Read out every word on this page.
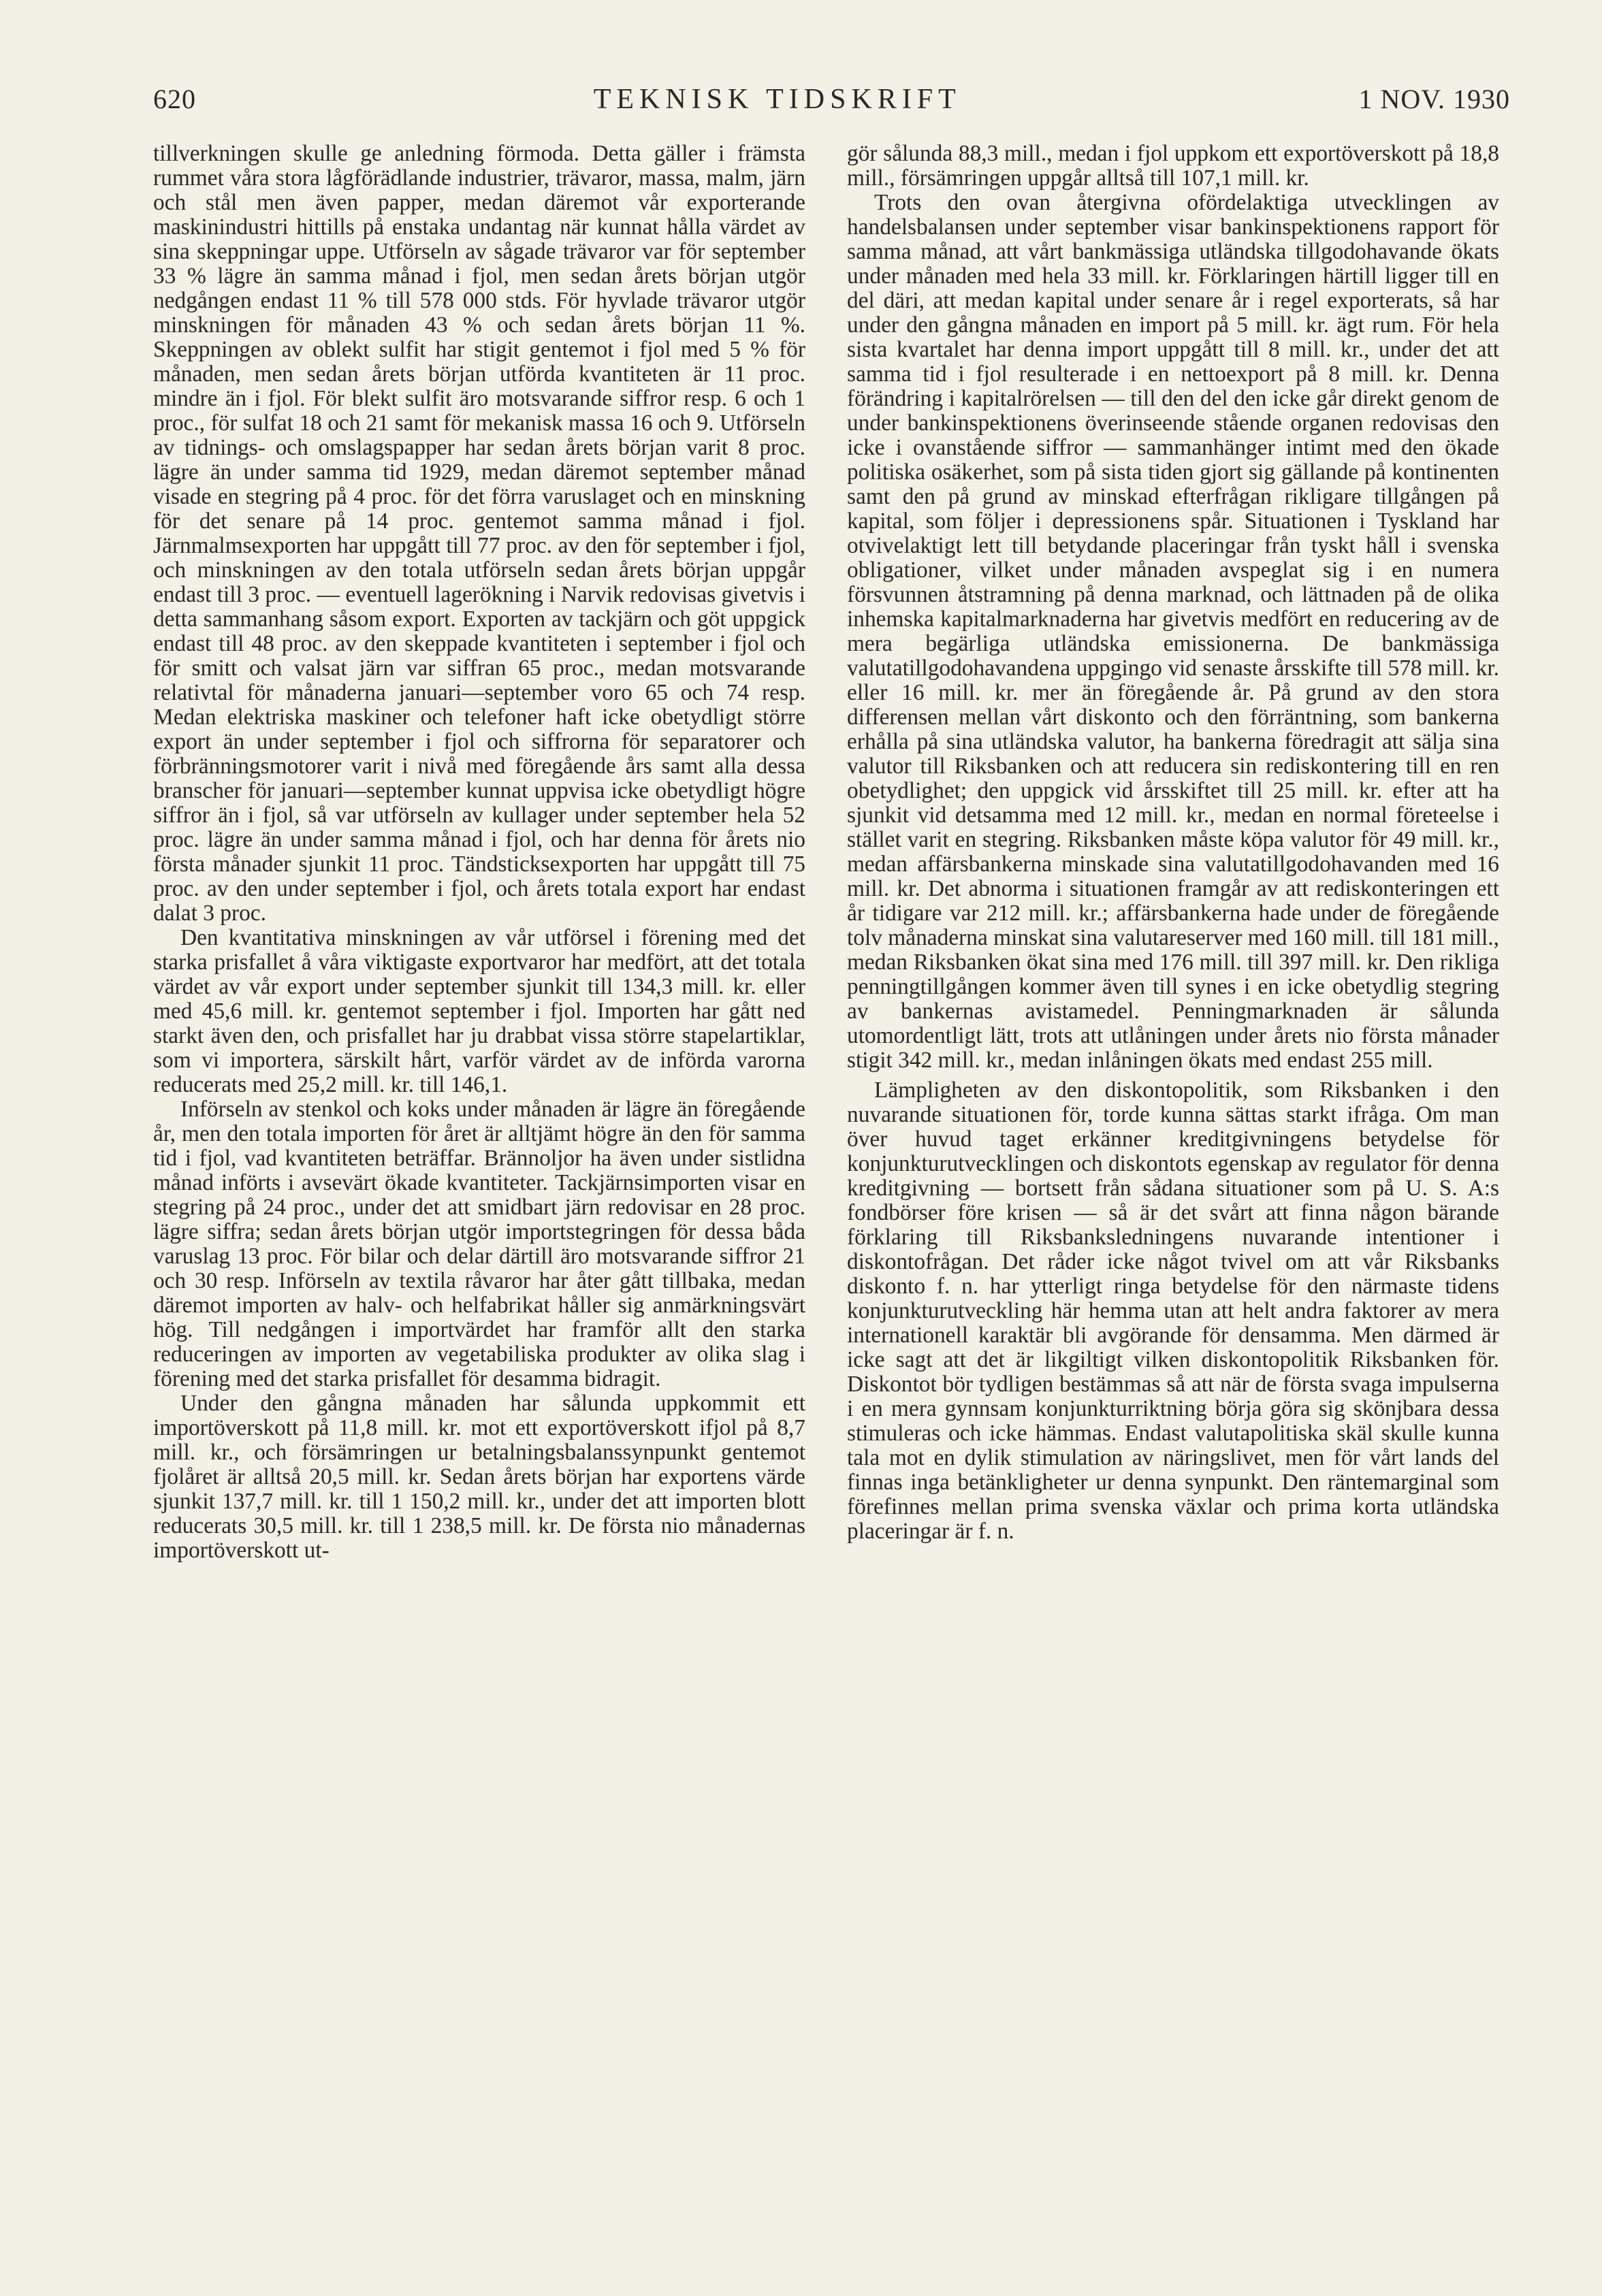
620	TEKNISK TIDSKRIFT	1 NOV. 1930

tillverkningen skulle ge anledning förmoda. Detta gäller i främsta rummet våra stora lågförädlande industrier, trävaror, massa, malm, järn och stål men även papper, medan däremot vår exporterande maskinindustri hittills på enstaka undantag när kunnat hålla värdet av sina skeppningar uppe. Utförseln av sågade trävaror var för september 33 % lägre än samma månad i fjol, men sedan årets början utgör nedgången endast 11 % till 578 000 stds. För hyvlade trävaror utgör minskningen för månaden 43 % och sedan årets början 11 %. Skeppningen av oblekt sulfit har stigit gentemot i fjol med 5 % för månaden, men sedan årets början utförda kvantiteten är 11 proc. mindre än i fjol. För blekt sulfit äro motsvarande siffror resp. 6 och 1 proc., för sulfat 18 och 21 samt för mekanisk massa 16 och 9. Utförseln av tidnings- och omslagspapper har sedan årets början varit 8 proc. lägre än under samma tid 1929, medan däremot september månad visade en stegring på 4 proc. för det förra varuslaget och en minskning för det senare på 14 proc. gentemot samma månad i fjol. Järnmalmsexporten har uppgått till 77 proc. av den för september i fjol, och minskningen av den totala utförseln sedan årets början uppgår endast till 3 proc. — eventuell lagerökning i Narvik redovisas givetvis i detta sammanhang såsom export. Exporten av tackjärn och göt uppgick endast till 48 proc. av den skeppade kvantiteten i september i fjol och för smitt och valsat järn var siffran 65 proc., medan motsvarande relativtal för månaderna januari—september voro 65 och 74 resp. Medan elektriska maskiner och telefoner haft icke obetydligt större export än under september i fjol och siffrorna för separatorer och förbränningsmotorer varit i nivå med föregående års samt alla dessa branscher för januari—september kunnat uppvisa icke obetydligt högre siffror än i fjol, så var utförseln av kullager under september hela 52 proc. lägre än under samma månad i fjol, och har denna för årets nio första månader sjunkit 11 proc. Tändsticksexporten har uppgått till 75 proc. av den under september i fjol, och årets totala export har endast dalat 3 proc.

Den kvantitativa minskningen av vår utförsel i förening med det starka prisfallet å våra viktigaste exportvaror har medfört, att det totala värdet av vår export under september sjunkit till 134,3 mill. kr. eller med 45,6 mill. kr. gentemot september i fjol. Importen har gått ned starkt även den, och prisfallet har ju drabbat vissa större stapelartiklar, som vi importera, särskilt hårt, varför värdet av de införda varorna reducerats med 25,2 mill. kr. till 146,1.

Införseln av stenkol och koks under månaden är lägre än föregående år, men den totala importen för året är alltjämt högre än den för samma tid i fjol, vad kvantiteten beträffar. Brännoljor ha även under sistlidna månad införts i avsevärt ökade kvantiteter. Tackjärnsimporten visar en stegring på 24 proc., under det att smidbart järn redovisar en 28 proc. lägre siffra; sedan årets början utgör importstegringen för dessa båda varuslag 13 proc. För bilar och delar därtill äro motsvarande siffror 21 och 30 resp. Införseln av textila råvaror har åter gått tillbaka, medan däremot importen av halv- och helfabrikat håller sig anmärkningsvärt hög. Till nedgången i importvärdet har framför allt den starka reduceringen av importen av vegetabiliska produkter av olika slag i förening med det starka prisfallet för desamma bidragit.

Under den gångna månaden har sålunda uppkommit ett importöverskott på 11,8 mill. kr. mot ett exportöverskott ifjol på 8,7 mill. kr., och försämringen ur betalningsbalanssynpunkt gentemot fjolåret är alltså 20,5 mill. kr. Sedan årets början har exportens värde sjunkit 137,7 mill. kr. till 1 150,2 mill. kr., under det att importen blott reducerats 30,5 mill. kr. till 1 238,5 mill. kr. De första nio månadernas importöverskott ut-

gör sålunda 88,3 mill., medan i fjol uppkom ett exportöverskott på 18,8 mill., försämringen uppgår alltså till 107,1 mill. kr.

Trots den ovan återgivna ofördelaktiga utvecklingen av handelsbalansen under september visar bankinspektionens rapport för samma månad, att vårt bankmässiga utländska tillgodohavande ökats under månaden med hela 33 mill. kr. Förklaringen härtill ligger till en del däri, att medan kapital under senare år i regel exporterats, så har under den gångna månaden en import på 5 mill. kr. ägt rum. För hela sista kvartalet har denna import uppgått till 8 mill. kr., under det att samma tid i fjol resulterade i en nettoexport på 8 mill. kr. Denna förändring i kapitalrörelsen — till den del den icke går direkt genom de under bankinspektionens överinseende stående organen redovisas den icke i ovanstående siffror — sammanhänger intimt med den ökade politiska osäkerhet, som på sista tiden gjort sig gällande på kontinenten samt den på grund av minskad efterfrågan rikligare tillgången på kapital, som följer i depressionens spår. Situationen i Tyskland har otvivelaktigt lett till betydande placeringar från tyskt håll i svenska obligationer, vilket under månaden avspeglat sig i en numera försvunnen åtstramning på denna marknad, och lättnaden på de olika inhemska kapitalmarknaderna har givetvis medfört en reducering av de mera begärliga utländska emissionerna. De bankmässiga valutatillgodohavandena uppgingo vid senaste årsskifte till 578 mill. kr. eller 16 mill. kr. mer än föregående år. På grund av den stora differensen mellan vårt diskonto och den förräntning, som bankerna erhålla på sina utländska valutor, ha bankerna föredragit att sälja sina valutor till Riksbanken och att reducera sin rediskontering till en ren obetydlighet; den uppgick vid årsskiftet till 25 mill. kr. efter att ha sjunkit vid detsamma med 12 mill. kr., medan en normal företeelse i stället varit en stegring. Riksbanken måste köpa valutor för 49 mill. kr., medan affärsbankerna minskade sina valutatillgodohavanden med 16 mill. kr. Det abnorma i situationen framgår av att rediskonteringen ett år tidigare var 212 mill. kr.; affärsbankerna hade under de föregående tolv månaderna minskat sina valutareserver med 160 mill. till 181 mill., medan Riksbanken ökat sina med 176 mill. till 397 mill. kr. Den rikliga penningtillgången kommer även till synes i en icke obetydlig stegring av bankernas avistamedel. Penningmarknaden är sålunda utomordentligt lätt, trots att utlåningen under årets nio första månader stigit 342 mill. kr., medan inlåningen ökats med endast 255 mill.

Lämpligheten av den diskontopolitik, som Riksbanken i den nuvarande situationen för, torde kunna sättas starkt ifråga. Om man över huvud taget erkänner kreditgivningens betydelse för konjunkturutvecklingen och diskontots egenskap av regulator för denna kreditgivning — bortsett från sådana situationer som på U. S. A:s fondbörser före krisen — så är det svårt att finna någon bärande förklaring till Riksbanksledningens nuvarande intentioner i diskontofrågan. Det råder icke något tvivel om att vår Riksbanks diskonto f. n. har ytterligt ringa betydelse för den närmaste tidens konjunkturutveckling här hemma utan att helt andra faktorer av mera internationell karaktär bli avgörande för densamma. Men därmed är icke sagt att det är likgiltigt vilken diskontopolitik Riksbanken för. Diskontot bör tydligen bestämmas så att när de första svaga impulserna i en mera gynnsam konjunkturriktning börja göra sig skönjbara dessa stimuleras och icke hämmas. Endast valutapolitiska skäl skulle kunna tala mot en dylik stimulation av näringslivet, men för vårt lands del finnas inga betänkligheter ur denna synpunkt. Den räntemarginal som förefinnes mellan prima svenska växlar och prima korta utländska placeringar är f. n.
